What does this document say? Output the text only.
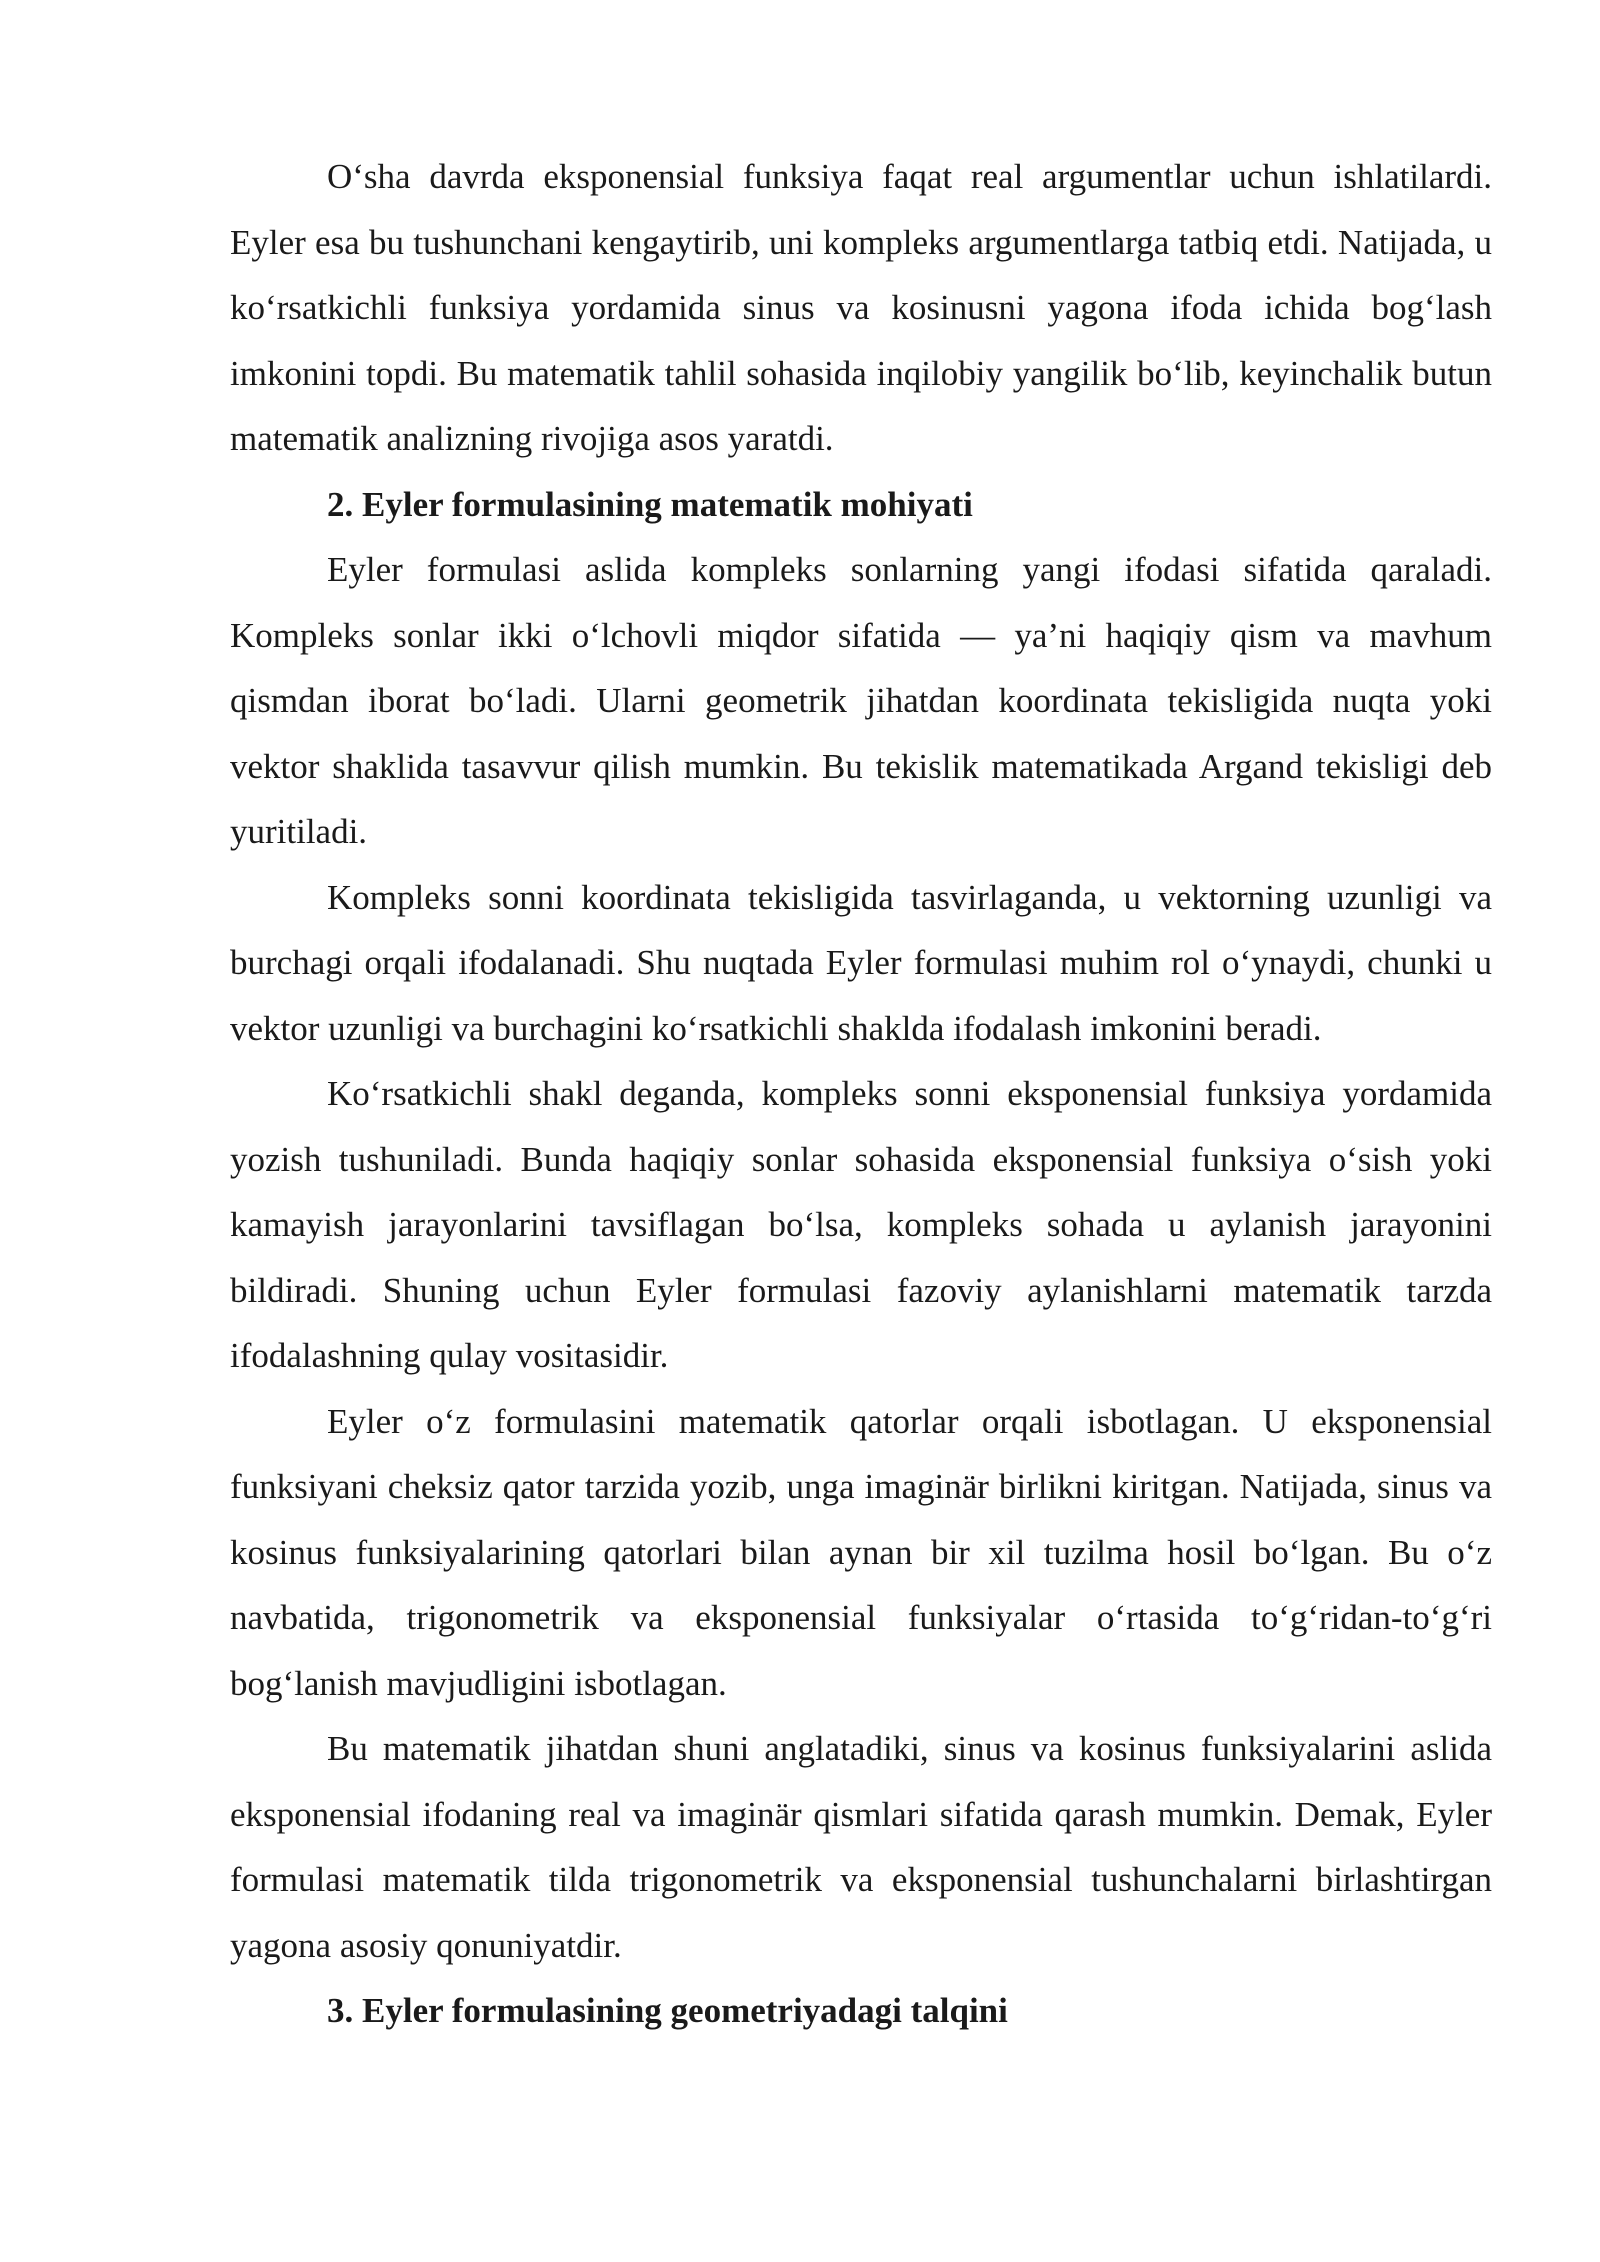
O‘sha davrda eksponensial funksiya faqat real argumentlar uchun ishlatilardi. Eyler esa bu tushunchani kengaytirib, uni kompleks argumentlarga tatbiq etdi. Natijada, u ko‘rsatkichli funksiya yordamida sinus va kosinusni yagona ifoda ichida bog‘lash imkonini topdi. Bu matematik tahlil sohasida inqilobiy yangilik bo‘lib, keyinchalik butun matematik analizning rivojiga asos yaratdi.

2. Eyler formulasining matematik mohiyati

Eyler formulasi aslida kompleks sonlarning yangi ifodasi sifatida qaraladi. Kompleks sonlar ikki o‘lchovli miqdor sifatida — ya’ni haqiqiy qism va mavhum qismdan iborat bo‘ladi. Ularni geometrik jihatdan koordinata tekisligida nuqta yoki vektor shaklida tasavvur qilish mumkin. Bu tekislik matematikada Argand tekisligi deb yuritiladi.

Kompleks sonni koordinata tekisligida tasvirlaganda, u vektorning uzunligi va burchagi orqali ifodalanadi. Shu nuqtada Eyler formulasi muhim rol o‘ynaydi, chunki u vektor uzunligi va burchagini ko‘rsatkichli shaklda ifodalash imkonini beradi.

Ko‘rsatkichli shakl deganda, kompleks sonni eksponensial funksiya yordamida yozish tushuniladi. Bunda haqiqiy sonlar sohasida eksponensial funksiya o‘sish yoki kamayish jarayonlarini tavsiflagan bo‘lsa, kompleks sohada u aylanish jarayonini bildiradi. Shuning uchun Eyler formulasi fazoviy aylanishlarni matematik tarzda ifodalashning qulay vositasidir.

Eyler o‘z formulasini matematik qatorlar orqali isbotlagan. U eksponensial funksiyani cheksiz qator tarzida yozib, unga imaginär birlikni kiritgan. Natijada, sinus va kosinus funksiyalarining qatorlari bilan aynan bir xil tuzilma hosil bo‘lgan. Bu o‘z navbatida, trigonometrik va eksponensial funksiyalar o‘rtasida to‘g‘ridan-to‘g‘ri bog‘lanish mavjudligini isbotlagan.

Bu matematik jihatdan shuni anglatadiki, sinus va kosinus funksiyalarini aslida eksponensial ifodaning real va imaginär qismlari sifatida qarash mumkin. Demak, Eyler formulasi matematik tilda trigonometrik va eksponensial tushunchalarni birlashtirgan yagona asosiy qonuniyatdir.

3. Eyler formulasining geometriyadagi talqini
